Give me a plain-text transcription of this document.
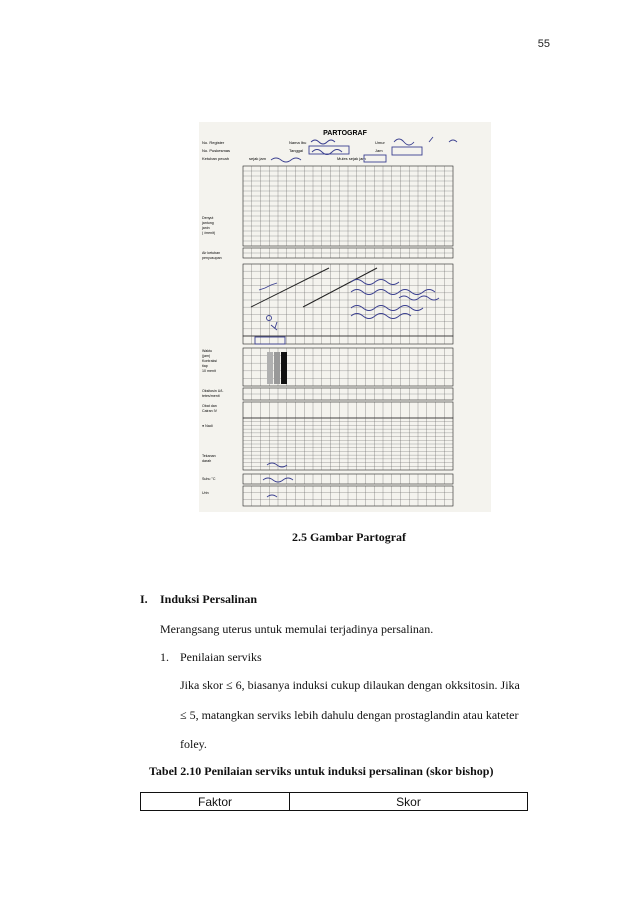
55
PARTOGRAF
No. Register
No. Puskesmas
Ketuban pecah
Nama Ibu
Tanggal
sejak jam	Mules sejak jam
Umur
Jam
Denyut
jantung
janin
( /menit)
Air ketuban
penyusupan
Waktu
(jam)
Kontraksi
tiap
10 menit
Oksitosin U/L
tetes/menit
Obat dan
Cairan IV
● Nadi
Tekanan
darah
Suhu °C
Urin
2.5 Gambar Partograf
I. Induksi Persalinan
Merangsang uterus untuk memulai terjadinya persalinan.
1. Penilaian serviks
Jika skor ≤ 6, biasanya induksi cukup dilaukan dengan okksitosin. Jika
≤ 5, matangkan serviks lebih dahulu dengan prostaglandin atau kateter
foley.
Tabel 2.10 Penilaian serviks untuk induksi persalinan (skor bishop)
Faktor	Skor
